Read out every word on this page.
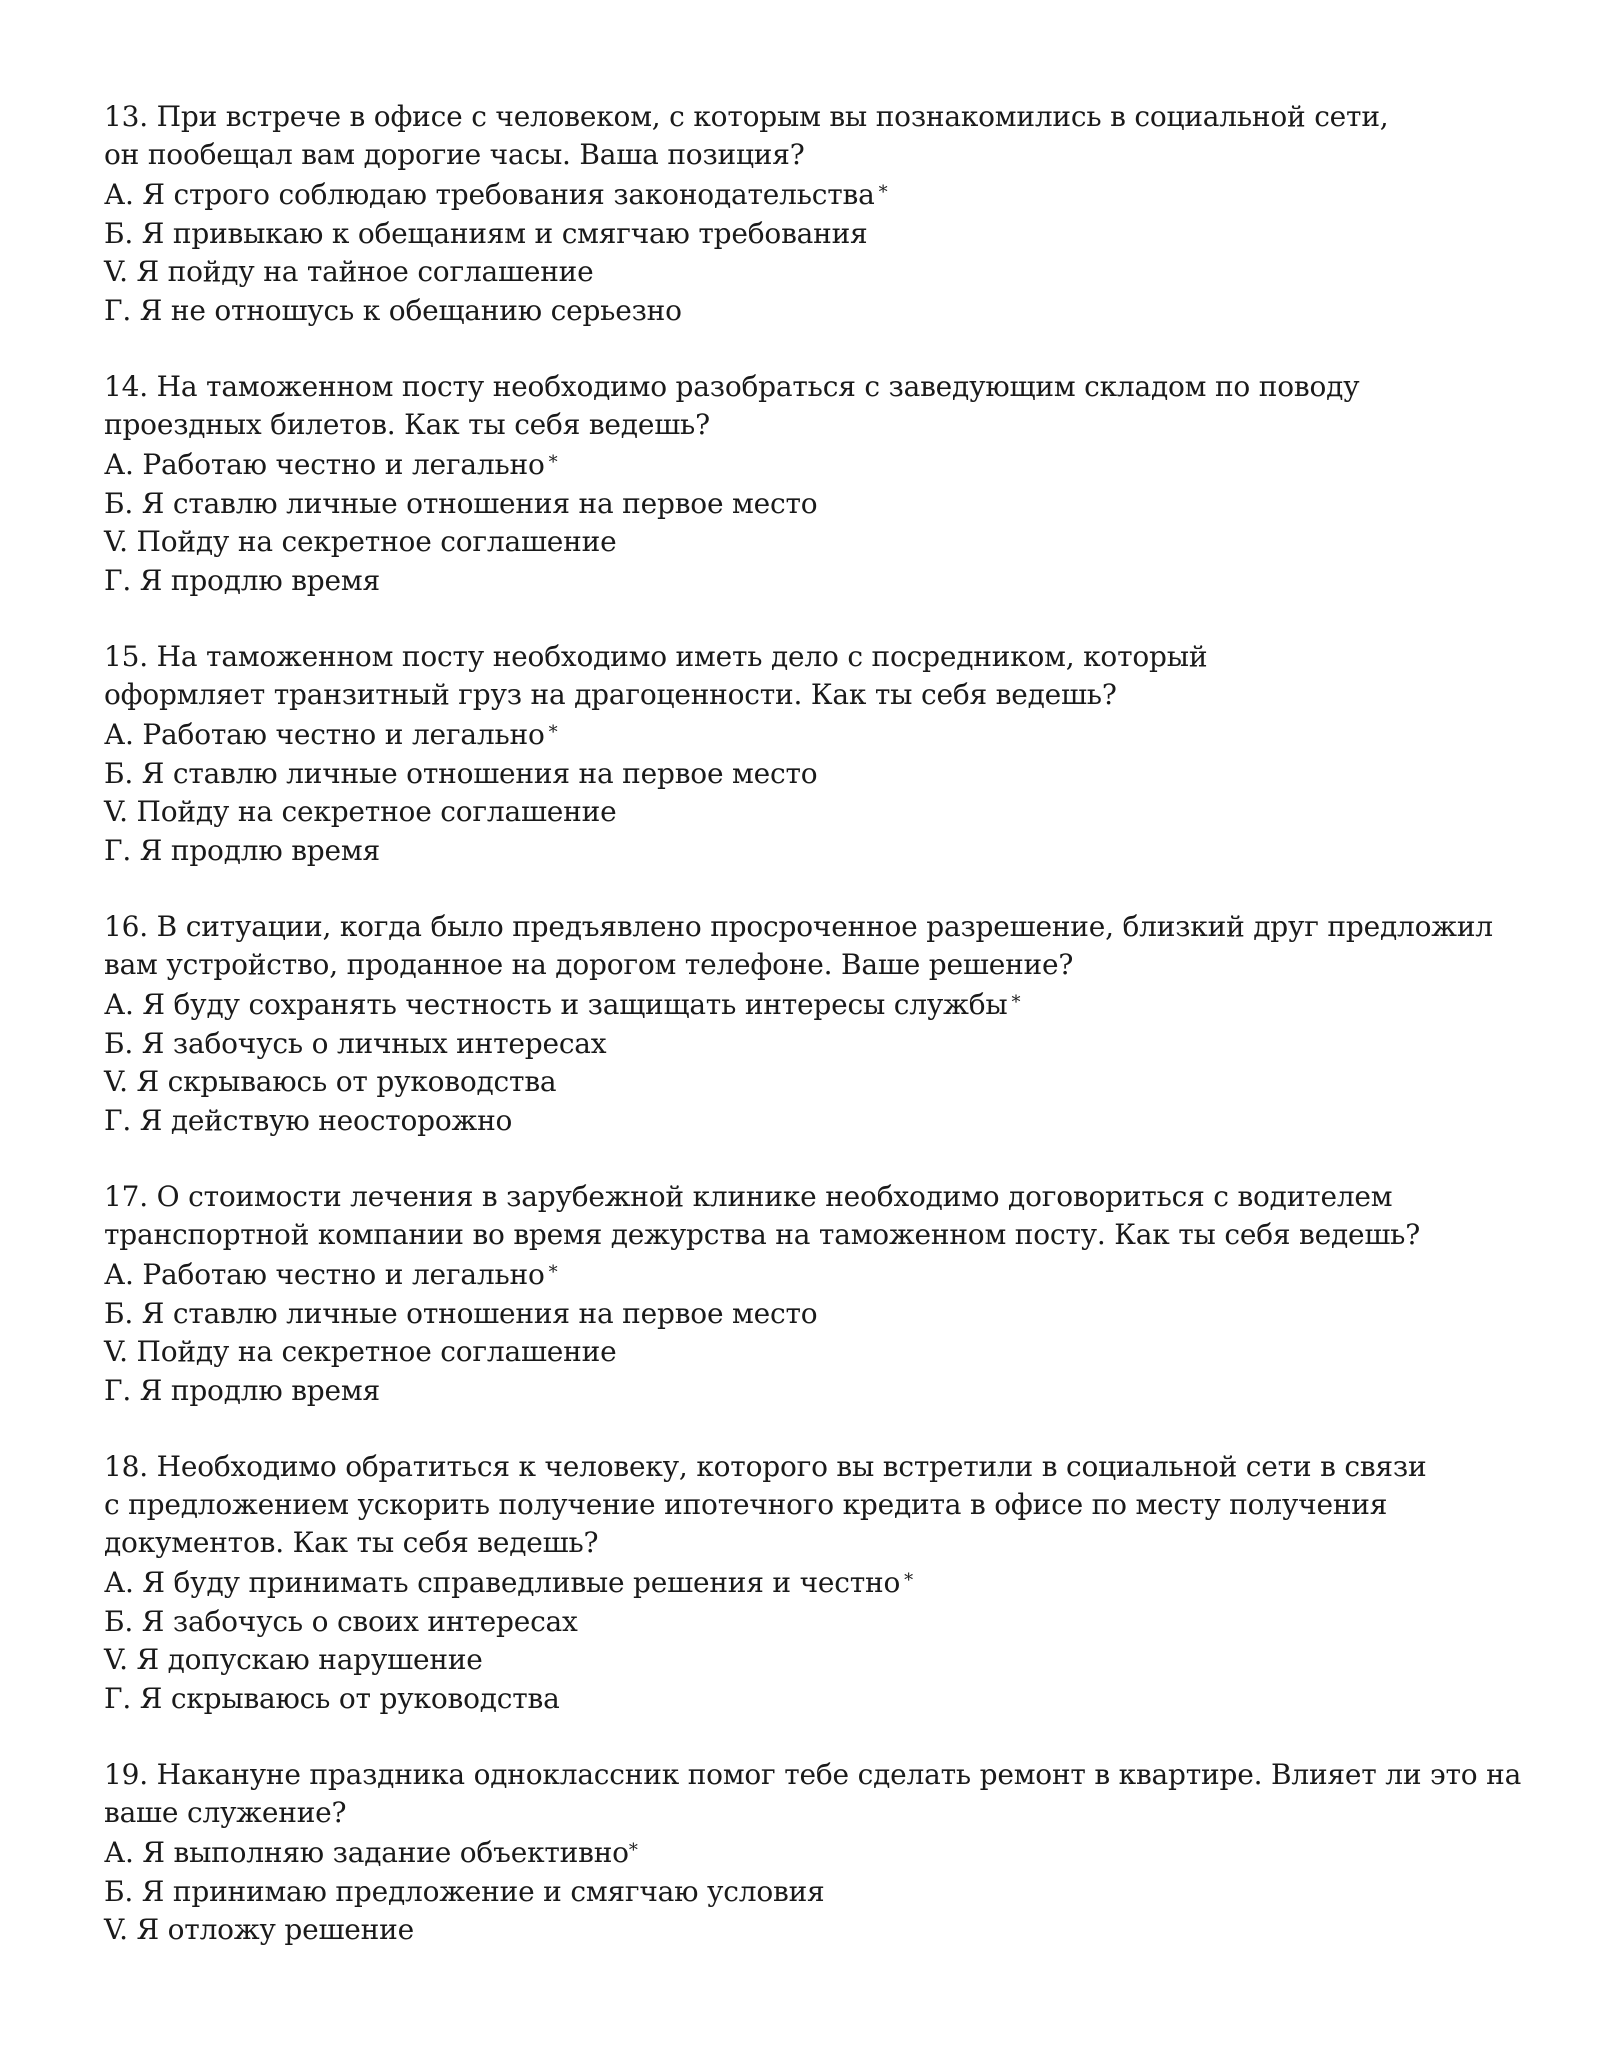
13. При встрече в офисе с человеком, с которым вы познакомились в социальной сети, он пообещал вам дорогие часы. Ваша позиция?

А. Я строго соблюдаю требования законодательства *
Б. Я привыкаю к обещаниям и смягчаю требования
V. Я пойду на тайное соглашение
Г. Я не отношусь к обещанию серьезно

14. На таможенном посту необходимо разобраться с заведующим складом по поводу проездных билетов. Как ты себя ведешь?

А. Работаю честно и легально *
Б. Я ставлю личные отношения на первое место
V. Пойду на секретное соглашение
Г. Я продлю время

15. На таможенном посту необходимо иметь дело с посредником, который оформляет транзитный груз на драгоценности. Как ты себя ведешь?

А. Работаю честно и легально *
Б. Я ставлю личные отношения на первое место
V. Пойду на секретное соглашение
Г. Я продлю время

16. В ситуации, когда было предъявлено просроченное разрешение, близкий друг предложил вам устройство, проданное на дорогом телефоне. Ваше решение?

А. Я буду сохранять честность и защищать интересы службы *
Б. Я забочусь о личных интересах
V. Я скрываюсь от руководства
Г. Я действую неосторожно

17. О стоимости лечения в зарубежной клинике необходимо договориться с водителем транспортной компании во время дежурства на таможенном посту. Как ты себя ведешь?

А. Работаю честно и легально *
Б. Я ставлю личные отношения на первое место
V. Пойду на секретное соглашение
Г. Я продлю время

18. Необходимо обратиться к человеку, которого вы встретили в социальной сети в связи с предложением ускорить получение ипотечного кредита в офисе по месту получения документов. Как ты себя ведешь?

А. Я буду принимать справедливые решения и честно *
Б. Я забочусь о своих интересах
V. Я допускаю нарушение
Г. Я скрываюсь от руководства

19. Накануне праздника одноклассник помог тебе сделать ремонт в квартире. Влияет ли это на ваше служение?

А. Я выполняю задание объективно*
Б. Я принимаю предложение и смягчаю условия
V. Я отложу решение
